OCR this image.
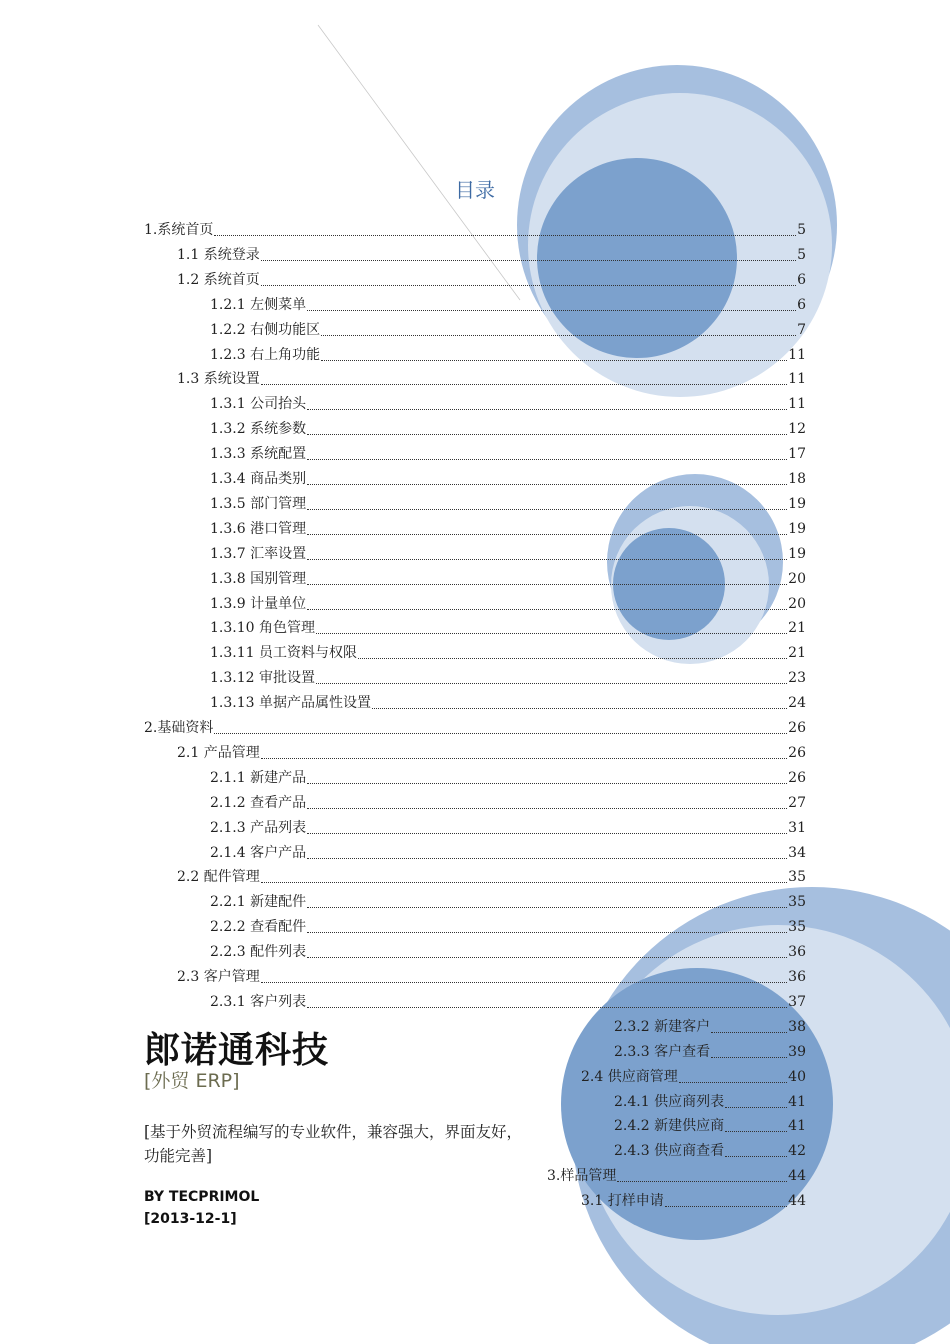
目录
1.系统首页	5
1.1 系统登录	5
1.2 系统首页	6
1.2.1 左侧菜单	6
1.2.2 右侧功能区	7
1.2.3 右上角功能	11
1.3 系统设置	11
1.3.1 公司抬头	11
1.3.2 系统参数	12
1.3.3 系统配置	17
1.3.4 商品类别	18
1.3.5 部门管理	19
1.3.6 港口管理	19
1.3.7 汇率设置	19
1.3.8 国别管理	20
1.3.9 计量单位	20
1.3.10 角色管理	21
1.3.11 员工资料与权限	21
1.3.12 审批设置	23
1.3.13 单据产品属性设置	24
2.基础资料	26
2.1 产品管理	26
2.1.1 新建产品	26
2.1.2 查看产品	27
2.1.3 产品列表	31
2.1.4 客户产品	34
2.2 配件管理	35
2.2.1 新建配件	35
2.2.2 查看配件	35
2.2.3 配件列表	36
2.3 客户管理	36
2.3.1 客户列表	37
2.3.2 新建客户	38
2.3.3 客户查看	39
2.4 供应商管理	40
2.4.1 供应商列表	41
2.4.2 新建供应商	41
2.4.3 供应商查看	42
3.样品管理	44
3.1 打样申请	44
郎诺通科技
[外贸 ERP]
[基于外贸流程编写的专业软件，兼容强大，界面友好，功能完善]
BY TECPRIMOL
[2013-12-1]
